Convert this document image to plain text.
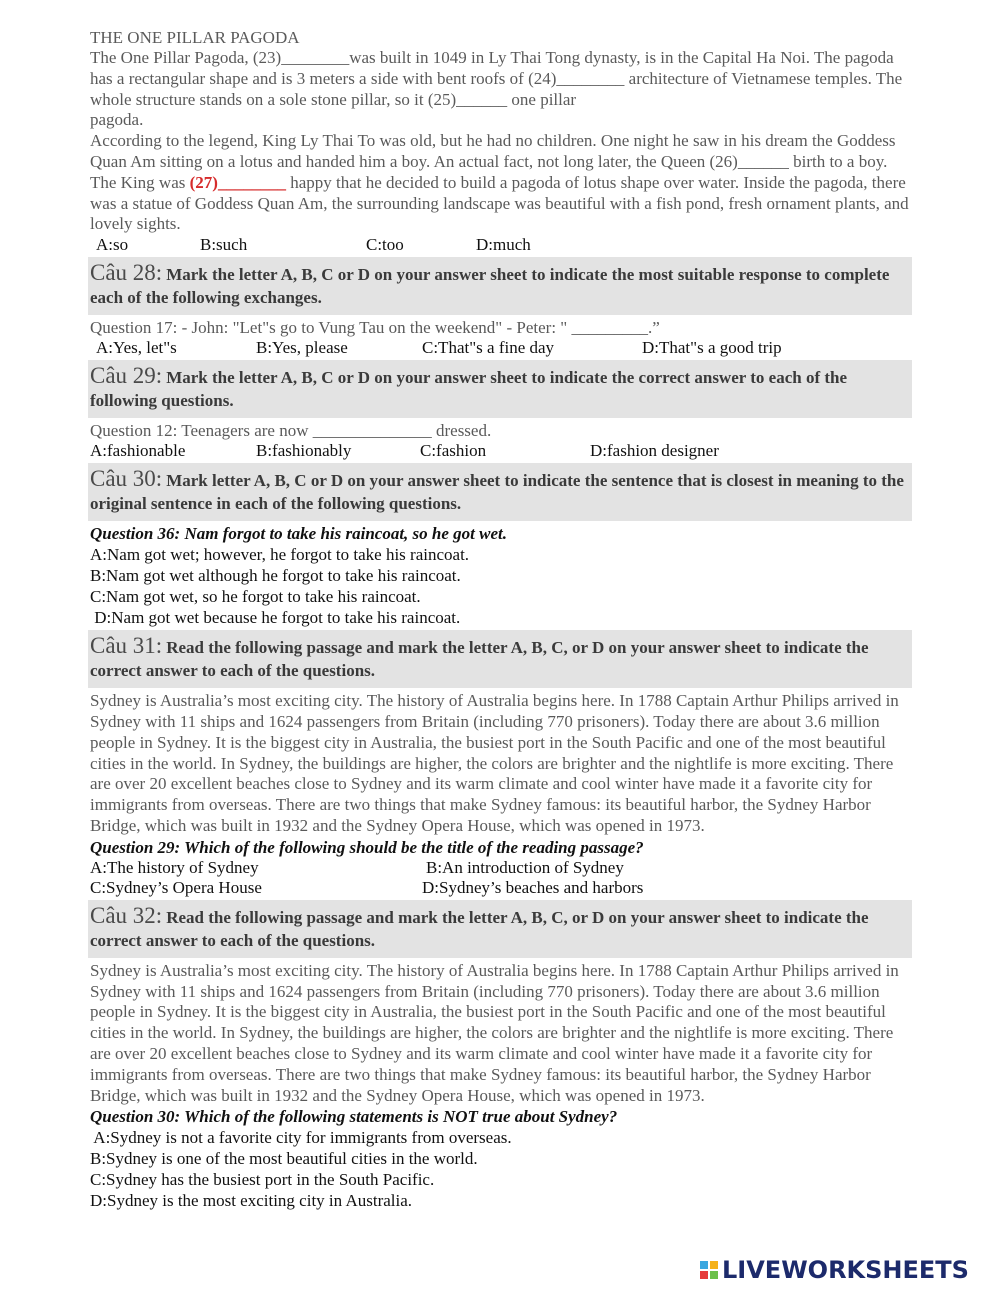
THE ONE PILLAR PAGODA

The One Pillar Pagoda, (23)________was built in 1049 in Ly Thai Tong dynasty, is in the Capital Ha Noi. The pagoda has a rectangular shape and is 3 meters a side with bent roofs of (24)________ architecture of Vietnamese temples. The whole structure stands on a sole stone pillar, so it (25)______ one pillar

pagoda.

According to the legend, King Ly Thai To was old, but he had no children. One night he saw in his dream the Goddess Quan Am sitting on a lotus and handed him a boy. An actual fact, not long later, the Queen (26)______ birth to a boy. The King was (27)________ happy that he decided to build a pagoda of lotus shape over water. Inside the pagoda, there was a statue of Goddess Quan Am, the surrounding landscape was beautiful with a fish pond, fresh ornament plants, and lovely sights.

A:so	B:such	C:too	D:much
Câu 28: Mark the letter A, B, C or D on your answer sheet to indicate the most suitable response to complete each of the following exchanges.
Question 17: - John: "Let"s go to Vung Tau on the weekend" - Peter: " _________.”
A:Yes, let"s	B:Yes, please	C:That"s a fine day	D:That"s a good trip
Câu 29: Mark the letter A, B, C or D on your answer sheet to indicate the correct answer to each of the following questions.
Question 12: Teenagers are now ______________ dressed.
A:fashionable	B:fashionably	C:fashion	D:fashion designer
Câu 30: Mark letter A, B, C or D on your answer sheet to indicate the sentence that is closest in meaning to the original sentence in each of the following questions.
Question 36: Nam forgot to take his raincoat, so he got wet.
A:Nam got wet; however, he forgot to take his raincoat.
B:Nam got wet although he forgot to take his raincoat.
C:Nam got wet, so he forgot to take his raincoat.
D:Nam got wet because he forgot to take his raincoat.
Câu 31: Read the following passage and mark the letter A, B, C, or D on your answer sheet to indicate the correct answer to each of the questions.

Sydney is Australia’s most exciting city. The history of Australia begins here. In 1788 Captain Arthur Philips arrived in Sydney with 11 ships and 1624 passengers from Britain (including 770 prisoners). Today there are about 3.6 million people in Sydney. It is the biggest city in Australia, the busiest port in the South Pacific and one of the most beautiful cities in the world. In Sydney, the buildings are higher, the colors are brighter and the nightlife is more exciting. There are over 20 excellent beaches close to Sydney and its warm climate and cool winter have made it a favorite city for immigrants from overseas. There are two things that make Sydney famous: its beautiful harbor, the Sydney Harbor Bridge, which was built in 1932 and the Sydney Opera House, which was opened in 1973.

Question 29: Which of the following should be the title of the reading passage?
A:The history of Sydney	B:An introduction of Sydney
C:Sydney’s Opera House	D:Sydney’s beaches and harbors
Câu 32: Read the following passage and mark the letter A, B, C, or D on your answer sheet to indicate the correct answer to each of the questions.

Sydney is Australia’s most exciting city. The history of Australia begins here. In 1788 Captain Arthur Philips arrived in Sydney with 11 ships and 1624 passengers from Britain (including 770 prisoners). Today there are about 3.6 million people in Sydney. It is the biggest city in Australia, the busiest port in the South Pacific and one of the most beautiful cities in the world. In Sydney, the buildings are higher, the colors are brighter and the nightlife is more exciting. There are over 20 excellent beaches close to Sydney and its warm climate and cool winter have made it a favorite city for immigrants from overseas. There are two things that make Sydney famous: its beautiful harbor, the Sydney Harbor Bridge, which was built in 1932 and the Sydney Opera House, which was opened in 1973.

Question 30: Which of the following statements is NOT true about Sydney?
A:Sydney is not a favorite city for immigrants from overseas.
B:Sydney is one of the most beautiful cities in the world.
C:Sydney has the busiest port in the South Pacific.
D:Sydney is the most exciting city in Australia.
LIVEWORKSHEETS
